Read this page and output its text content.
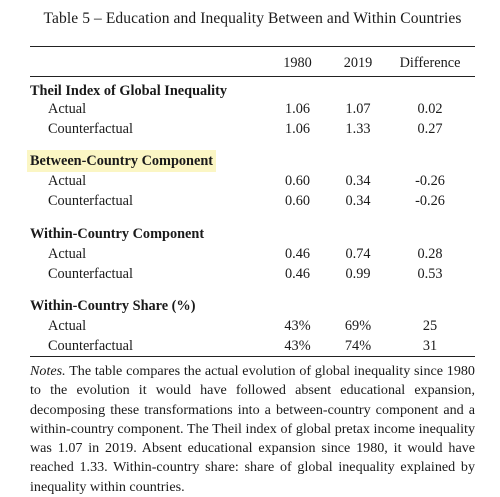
Table 5 – Education and Inequality Between and Within Countries
1980	2019	Difference
Theil Index of Global Inequality
Actual	1.06	1.07	0.02
Counterfactual	1.06	1.33	0.27
Between-Country Component
Actual	0.60	0.34	-0.26
Counterfactual	0.60	0.34	-0.26
Within-Country Component
Actual	0.46	0.74	0.28
Counterfactual	0.46	0.99	0.53
Within-Country Share (%)
Actual	43%	69%	25
Counterfactual	43%	74%	31
Notes. The table compares the actual evolution of global inequality since 1980 to the evolution it would have followed absent educational expansion, decomposing these transformations into a between-country component and a within-country component. The Theil index of global pretax income inequality was 1.07 in 2019. Absent educational expansion since 1980, it would have reached 1.33. Within-country share: share of global inequality explained by inequality within countries.
